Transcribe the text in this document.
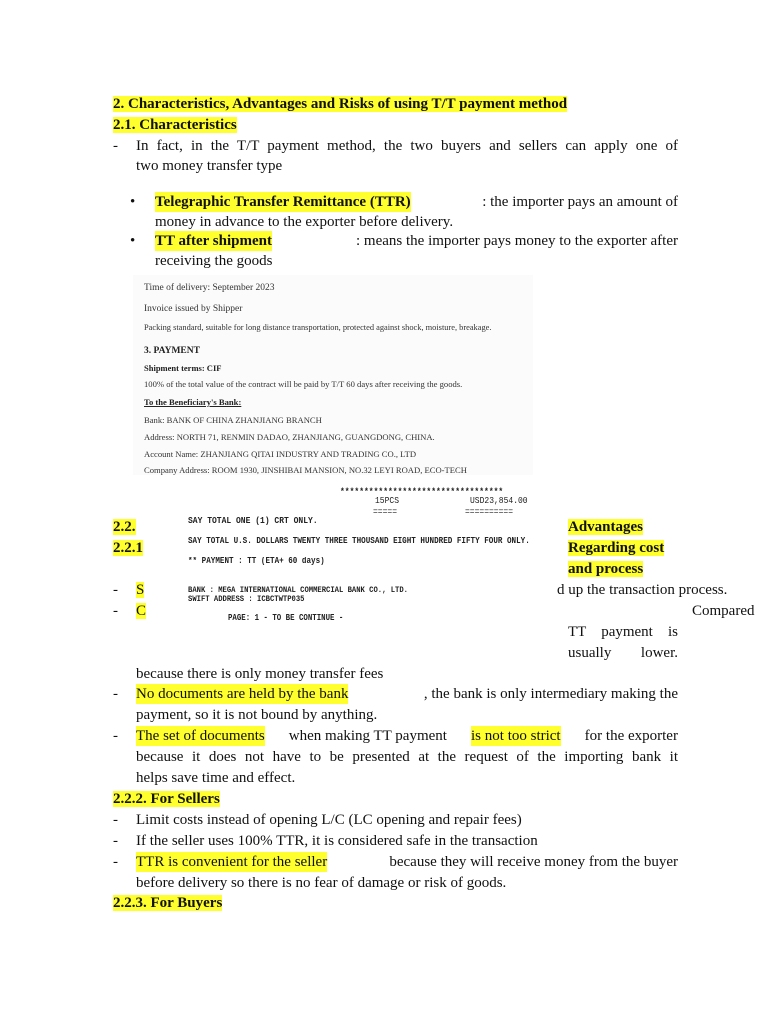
2. Characteristics, Advantages and Risks of using T/T payment method
2.1. Characteristics
- In fact, in the T/T payment method, the two buyers and sellers can apply one of
two money transfer type
• Telegraphic Transfer Remittance (TTR)	: the importer pays an amount of
money in advance to the exporter before delivery.
• TT after shipment	: means the importer pays money to the exporter after
receiving the goods
Time of delivery: September 2023
Invoice issued by Shipper
Packing standard, suitable for long distance transportation, protected against shock, moisture, breakage.
3. PAYMENT
Shipment terms: CIF
100% of the total value of the contract will be paid by T/T 60 days after receiving the goods.
To the Beneficiary's Bank:
Bank: BANK OF CHINA ZHANJIANG BRANCH
Address: NORTH 71, RENMIN DADAO, ZHANJIANG, GUANGDONG, CHINA.
Account Name: ZHANJIANG QITAI INDUSTRY AND TRADING CO., LTD
Company Address: ROOM 1930, JINSHIBAI MANSION, NO.32 LEYI ROAD, ECO-TECH
**********************************
15PCS	USD23,854.00
=====	==========
SAY TOTAL ONE (1) CRT ONLY.
SAY TOTAL U.S. DOLLARS TWENTY THREE THOUSAND EIGHT HUNDRED FIFTY FOUR ONLY.
** PAYMENT : TT (ETA+ 60 days)
BANK : MEGA INTERNATIONAL COMMERCIAL BANK CO., LTD.
SWIFT ADDRESS : ICBCTWTP035
PAGE: 1 - TO BE CONTINUE -
2.2.
2.2.1
Advantages
Regarding cost
and process
- S	d up the transaction process.
- C	Compared
TT payment is
usually lower.
because there is only money transfer fees
- No documents are held by the bank	, the bank is only intermediary making the
payment, so it is not bound by anything.
- The set of documents when making TT payment is not too strict for the exporter
because it does not have to be presented at the request of the importing bank it
helps save time and effect.
2.2.2. For Sellers
- Limit costs instead of opening L/C (LC opening and repair fees)
- If the seller uses 100% TTR, it is considered safe in the transaction
- TTR is convenient for the seller	because they will receive money from the buyer
before delivery so there is no fear of damage or risk of goods.
2.2.3. For Buyers
